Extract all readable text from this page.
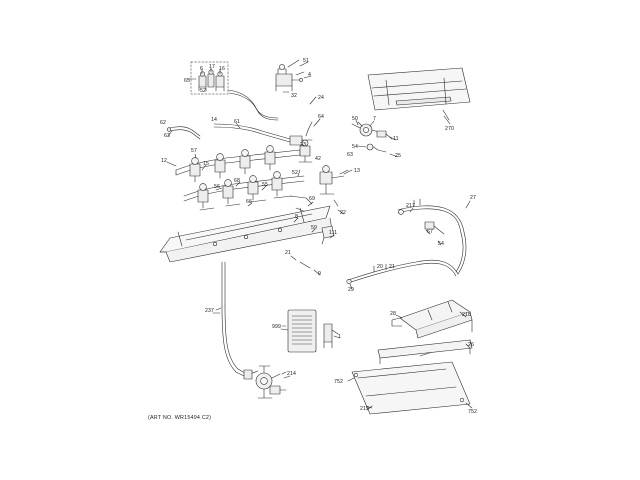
51
4
65
6 17 16
52
32	24
270
61
62	14	64	50	7
11
63
23	54
25
63
42
12
57
15
52	13
56
68
55
22
66	69
8
59
111
217
27
67
54
9
21
21
20
29
28	218
26
237
999
1
214
752
219	752
(ART NO. WR15494 C2)
